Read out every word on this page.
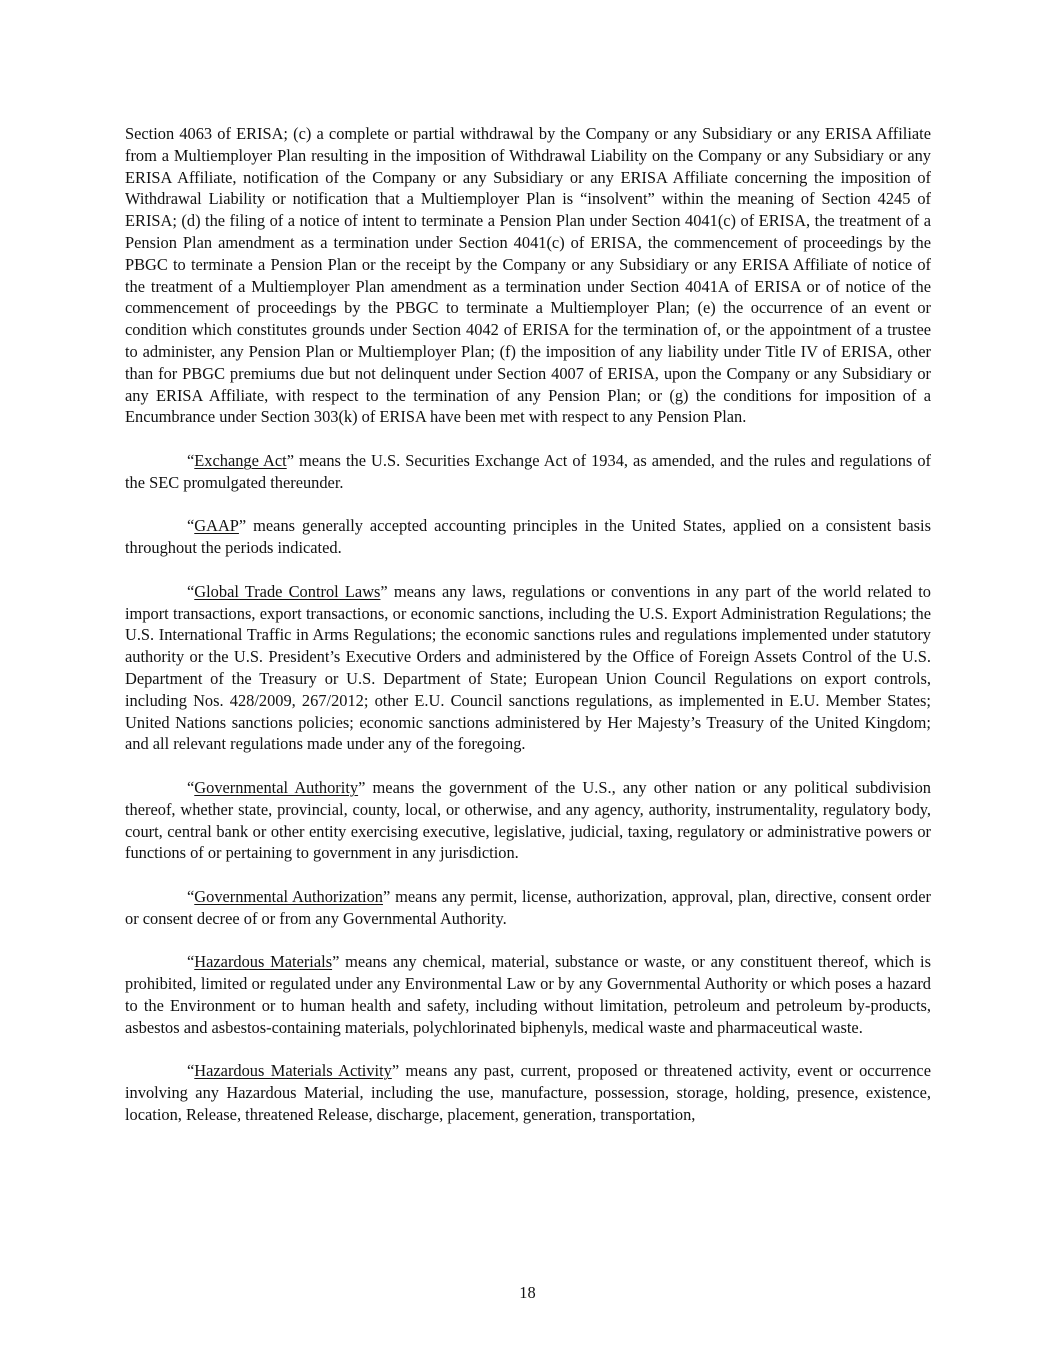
Section 4063 of ERISA; (c) a complete or partial withdrawal by the Company or any Subsidiary or any ERISA Affiliate from a Multiemployer Plan resulting in the imposition of Withdrawal Liability on the Company or any Subsidiary or any ERISA Affiliate, notification of the Company or any Subsidiary or any ERISA Affiliate concerning the imposition of Withdrawal Liability or notification that a Multiemployer Plan is “insolvent” within the meaning of Section 4245 of ERISA; (d) the filing of a notice of intent to terminate a Pension Plan under Section 4041(c) of ERISA, the treatment of a Pension Plan amendment as a termination under Section 4041(c) of ERISA, the commencement of proceedings by the PBGC to terminate a Pension Plan or the receipt by the Company or any Subsidiary or any ERISA Affiliate of notice of the treatment of a Multiemployer Plan amendment as a termination under Section 4041A of ERISA or of notice of the commencement of proceedings by the PBGC to terminate a Multiemployer Plan; (e) the occurrence of an event or condition which constitutes grounds under Section 4042 of ERISA for the termination of, or the appointment of a trustee to administer, any Pension Plan or Multiemployer Plan; (f) the imposition of any liability under Title IV of ERISA, other than for PBGC premiums due but not delinquent under Section 4007 of ERISA, upon the Company or any Subsidiary or any ERISA Affiliate, with respect to the termination of any Pension Plan; or (g) the conditions for imposition of a Encumbrance under Section 303(k) of ERISA have been met with respect to any Pension Plan.

“Exchange Act” means the U.S. Securities Exchange Act of 1934, as amended, and the rules and regulations of the SEC promulgated thereunder.

“GAAP” means generally accepted accounting principles in the United States, applied on a consistent basis throughout the periods indicated.

“Global Trade Control Laws” means any laws, regulations or conventions in any part of the world related to import transactions, export transactions, or economic sanctions, including the U.S. Export Administration Regulations; the U.S. International Traffic in Arms Regulations; the economic sanctions rules and regulations implemented under statutory authority or the U.S. President’s Executive Orders and administered by the Office of Foreign Assets Control of the U.S. Department of the Treasury or U.S. Department of State; European Union Council Regulations on export controls, including Nos. 428/2009, 267/2012; other E.U. Council sanctions regulations, as implemented in E.U. Member States; United Nations sanctions policies; economic sanctions administered by Her Majesty’s Treasury of the United Kingdom; and all relevant regulations made under any of the foregoing.

“Governmental Authority” means the government of the U.S., any other nation or any political subdivision thereof, whether state, provincial, county, local, or otherwise, and any agency, authority, instrumentality, regulatory body, court, central bank or other entity exercising executive, legislative, judicial, taxing, regulatory or administrative powers or functions of or pertaining to government in any jurisdiction.

“Governmental Authorization” means any permit, license, authorization, approval, plan, directive, consent order or consent decree of or from any Governmental Authority.

“Hazardous Materials” means any chemical, material, substance or waste, or any constituent thereof, which is prohibited, limited or regulated under any Environmental Law or by any Governmental Authority or which poses a hazard to the Environment or to human health and safety, including without limitation, petroleum and petroleum by-products, asbestos and asbestos-containing materials, polychlorinated biphenyls, medical waste and pharmaceutical waste.

“Hazardous Materials Activity” means any past, current, proposed or threatened activity, event or occurrence involving any Hazardous Material, including the use, manufacture, possession, storage, holding, presence, existence, location, Release, threatened Release, discharge, placement, generation, transportation,

18
